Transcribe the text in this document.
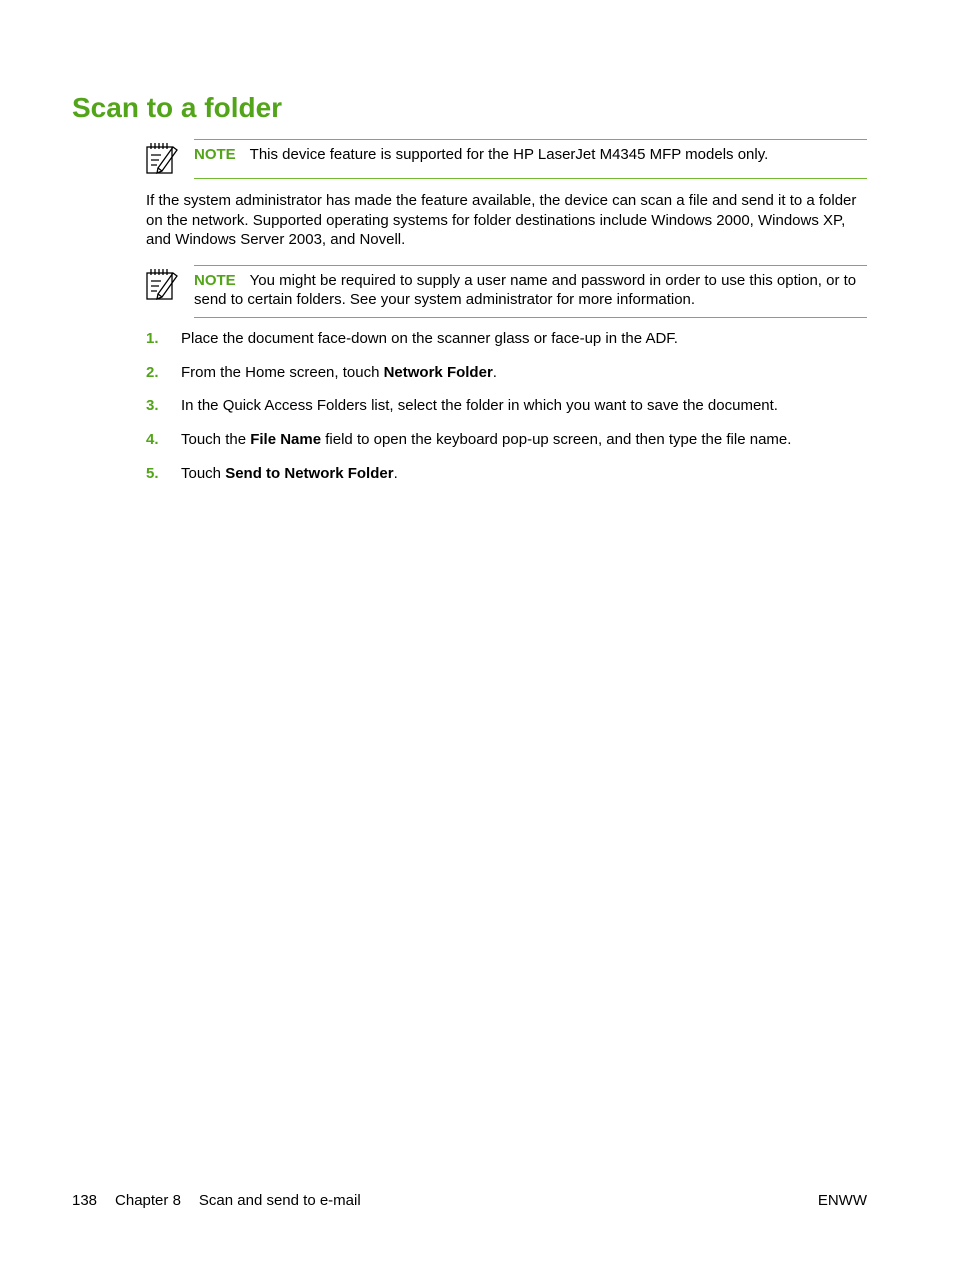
Scan to a folder
NOTE This device feature is supported for the HP LaserJet M4345 MFP models only.

If the system administrator has made the feature available, the device can scan a file and send it to a folder on the network. Supported operating systems for folder destinations include Windows 2000, Windows XP, and Windows Server 2003, and Novell.

NOTE You might be required to supply a user name and password in order to use this option, or to send to certain folders. See your system administrator for more information.
1. Place the document face-down on the scanner glass or face-up in the ADF.
2. From the Home screen, touch Network Folder.
3. In the Quick Access Folders list, select the folder in which you want to save the document.
4. Touch the File Name field to open the keyboard pop-up screen, and then type the file name.
5. Touch Send to Network Folder.
138 Chapter 8 Scan and send to e-mail	ENWW
